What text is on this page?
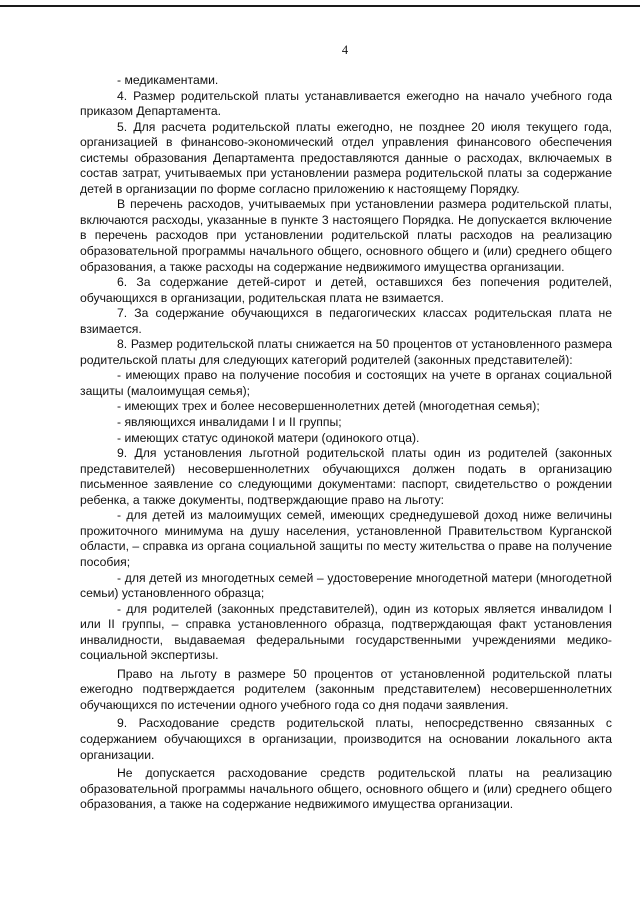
4

- медикаментами.

4. Размер родительской платы устанавливается ежегодно на начало учебного года приказом Департамента.

5. Для расчета родительской платы ежегодно, не позднее 20 июля текущего года, организацией в финансово-экономический отдел управления финансового обеспечения системы образования Департамента предоставляются данные о расходах, включаемых в состав затрат, учитываемых при установлении размера родительской платы за содержание детей в организации по форме согласно приложению к настоящему Порядку.

В перечень расходов, учитываемых при установлении размера родительской платы, включаются расходы, указанные в пункте 3 настоящего Порядка. Не допускается включение в перечень расходов при установлении родительской платы расходов на реализацию образовательной программы начального общего, основного общего и (или) среднего общего образования, а также расходы на содержание недвижимого имущества организации.

6. За содержание детей-сирот и детей, оставшихся без попечения родителей, обучающихся в организации, родительская плата не взимается.

7. За содержание обучающихся в педагогических классах родительская плата не взимается.

8. Размер родительской платы снижается на 50 процентов от установленного размера родительской платы для следующих категорий родителей (законных представителей):

- имеющих право на получение пособия и состоящих на учете в органах социальной защиты (малоимущая семья);

- имеющих трех и более несовершеннолетних детей (многодетная семья);

- являющихся инвалидами I и II группы;

- имеющих статус одинокой матери (одинокого отца).

9. Для установления льготной родительской платы один из родителей (законных представителей) несовершеннолетних обучающихся должен подать в организацию письменное заявление со следующими документами: паспорт, свидетельство о рождении ребенка, а также документы, подтверждающие право на льготу:

- для детей из малоимущих семей, имеющих среднедушевой доход ниже величины прожиточного минимума на душу населения, установленной Правительством Курганской области, – справка из органа социальной защиты по месту жительства о праве на получение пособия;

- для детей из многодетных семей – удостоверение многодетной матери (многодетной семьи) установленного образца;

- для родителей (законных представителей), один из которых является инвалидом I или II группы, – справка установленного образца, подтверждающая факт установления инвалидности, выдаваемая федеральными государственными учреждениями медико-социальной экспертизы.

Право на льготу в размере 50 процентов от установленной родительской платы ежегодно подтверждается родителем (законным представителем) несовершеннолетних обучающихся по истечении одного учебного года со дня подачи заявления.

9. Расходование средств родительской платы, непосредственно связанных с содержанием обучающихся в организации, производится на основании локального акта организации.

Не допускается расходование средств родительской платы на реализацию образовательной программы начального общего, основного общего и (или) среднего общего образования, а также на содержание недвижимого имущества организации.
